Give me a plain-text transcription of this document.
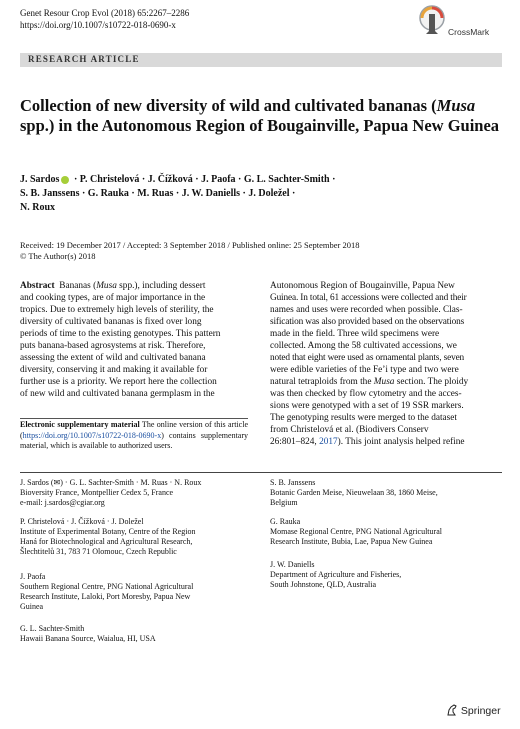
Genet Resour Crop Evol (2018) 65:2267–2286
https://doi.org/10.1007/s10722-018-0690-x
CrossMark
RESEARCH ARTICLE
Collection of new diversity of wild and cultivated bananas (Musa spp.) in the Autonomous Region of Bougainville, Papua New Guinea
J. Sardos · P. Christelová · J. Čížková · J. Paofa · G. L. Sachter-Smith ·
S. B. Janssens · G. Rauka · M. Ruas · J. W. Daniells · J. Doležel ·
N. Roux
Received: 19 December 2017 / Accepted: 3 September 2018 / Published online: 25 September 2018
© The Author(s) 2018
Abstract Bananas (Musa spp.), including dessert
and cooking types, are of major importance in the
tropics. Due to extremely high levels of sterility, the
diversity of cultivated bananas is fixed over long
periods of time to the existing genotypes. This pattern
puts banana-based agrosystems at risk. Therefore,
assessing the extent of wild and cultivated banana
diversity, conserving it and making it available for
further use is a priority. We report here the collection
of new wild and cultivated banana germplasm in the
Autonomous Region of Bougainville, Papua New
Guinea. In total, 61 accessions were collected and their
names and uses were recorded when possible. Clas-
sification was also provided based on the observations
made in the field. Three wild specimens were
collected. Among the 58 cultivated accessions, we
noted that eight were used as ornamental plants, seven
were edible varieties of the Fe’i type and two were
natural tetraploids from the Musa section. The ploidy
was then checked by flow cytometry and the acces-
sions were genotyped with a set of 19 SSR markers.
The genotyping results were merged to the dataset
from Christelová et al. (Biodivers Conserv
26:801–824, 2017). This joint analysis helped refine
Electronic supplementary material The online version of this article (https://doi.org/10.1007/s10722-018-0690-x) contains supplementary material, which is available to authorized users.
J. Sardos (✉) · G. L. Sachter-Smith · M. Ruas · N. Roux
Bioversity France, Montpellier Cedex 5, France
e-mail: j.sardos@cgiar.org
P. Christelová · J. Čížková · J. Doležel
Institute of Experimental Botany, Centre of the Region
Haná for Biotechnological and Agricultural Research,
Šlechtitelů 31, 783 71 Olomouc, Czech Republic
J. Paofa
Southern Regional Centre, PNG National Agricultural
Research Institute, Laloki, Port Moresby, Papua New
Guinea
G. L. Sachter-Smith
Hawaii Banana Source, Waialua, HI, USA
S. B. Janssens
Botanic Garden Meise, Nieuwelaan 38, 1860 Meise,
Belgium
G. Rauka
Momase Regional Centre, PNG National Agricultural
Research Institute, Bubia, Lae, Papua New Guinea
J. W. Daniells
Department of Agriculture and Fisheries,
South Johnstone, QLD, Australia
Springer
